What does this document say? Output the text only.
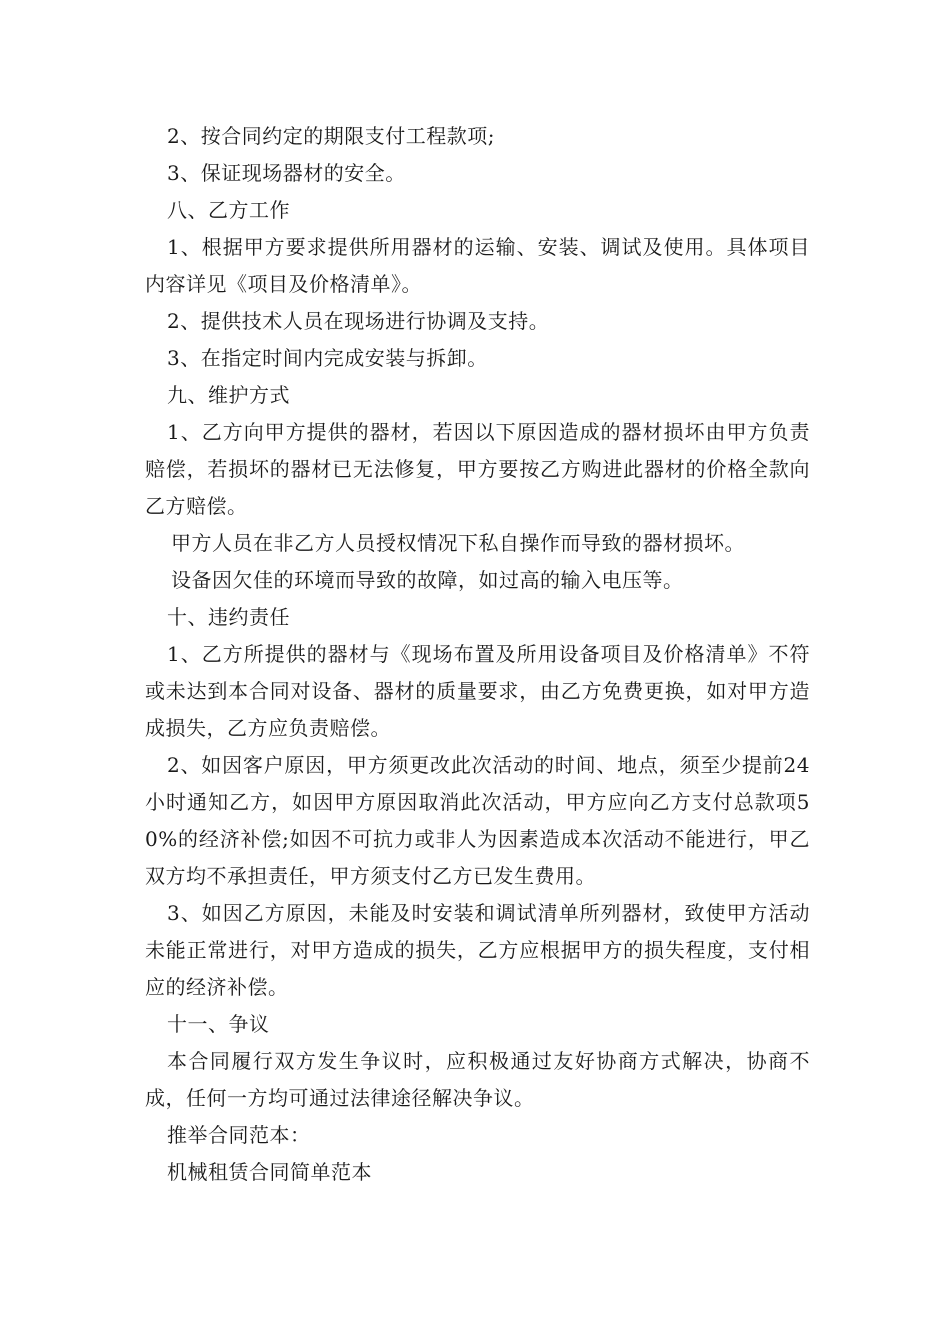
2、按合同约定的期限支付工程款项;

3、保证现场器材的安全。

八、乙方工作

1、根据甲方要求提供所用器材的运输、安装、调试及使用。具体项目内容详见《项目及价格清单》。

2、提供技术人员在现场进行协调及支持。

3、在指定时间内完成安装与拆卸。

九、维护方式

1、乙方向甲方提供的器材，若因以下原因造成的器材损坏由甲方负责赔偿，若损坏的器材已无法修复，甲方要按乙方购进此器材的价格全款向乙方赔偿。

甲方人员在非乙方人员授权情况下私自操作而导致的器材损坏。

设备因欠佳的环境而导致的故障，如过高的输入电压等。

十、违约责任

1、乙方所提供的器材与《现场布置及所用设备项目及价格清单》不符或未达到本合同对设备、器材的质量要求，由乙方免费更换，如对甲方造成损失，乙方应负责赔偿。

2、如因客户原因，甲方须更改此次活动的时间、地点，须至少提前24小时通知乙方，如因甲方原因取消此次活动，甲方应向乙方支付总款项50%的经济补偿;如因不可抗力或非人为因素造成本次活动不能进行，甲乙双方均不承担责任，甲方须支付乙方已发生费用。

3、如因乙方原因，未能及时安装和调试清单所列器材，致使甲方活动未能正常进行，对甲方造成的损失，乙方应根据甲方的损失程度，支付相应的经济补偿。

十一、争议

本合同履行双方发生争议时，应积极通过友好协商方式解决，协商不成，任何一方均可通过法律途径解决争议。

推举合同范本：

机械租赁合同简单范本
